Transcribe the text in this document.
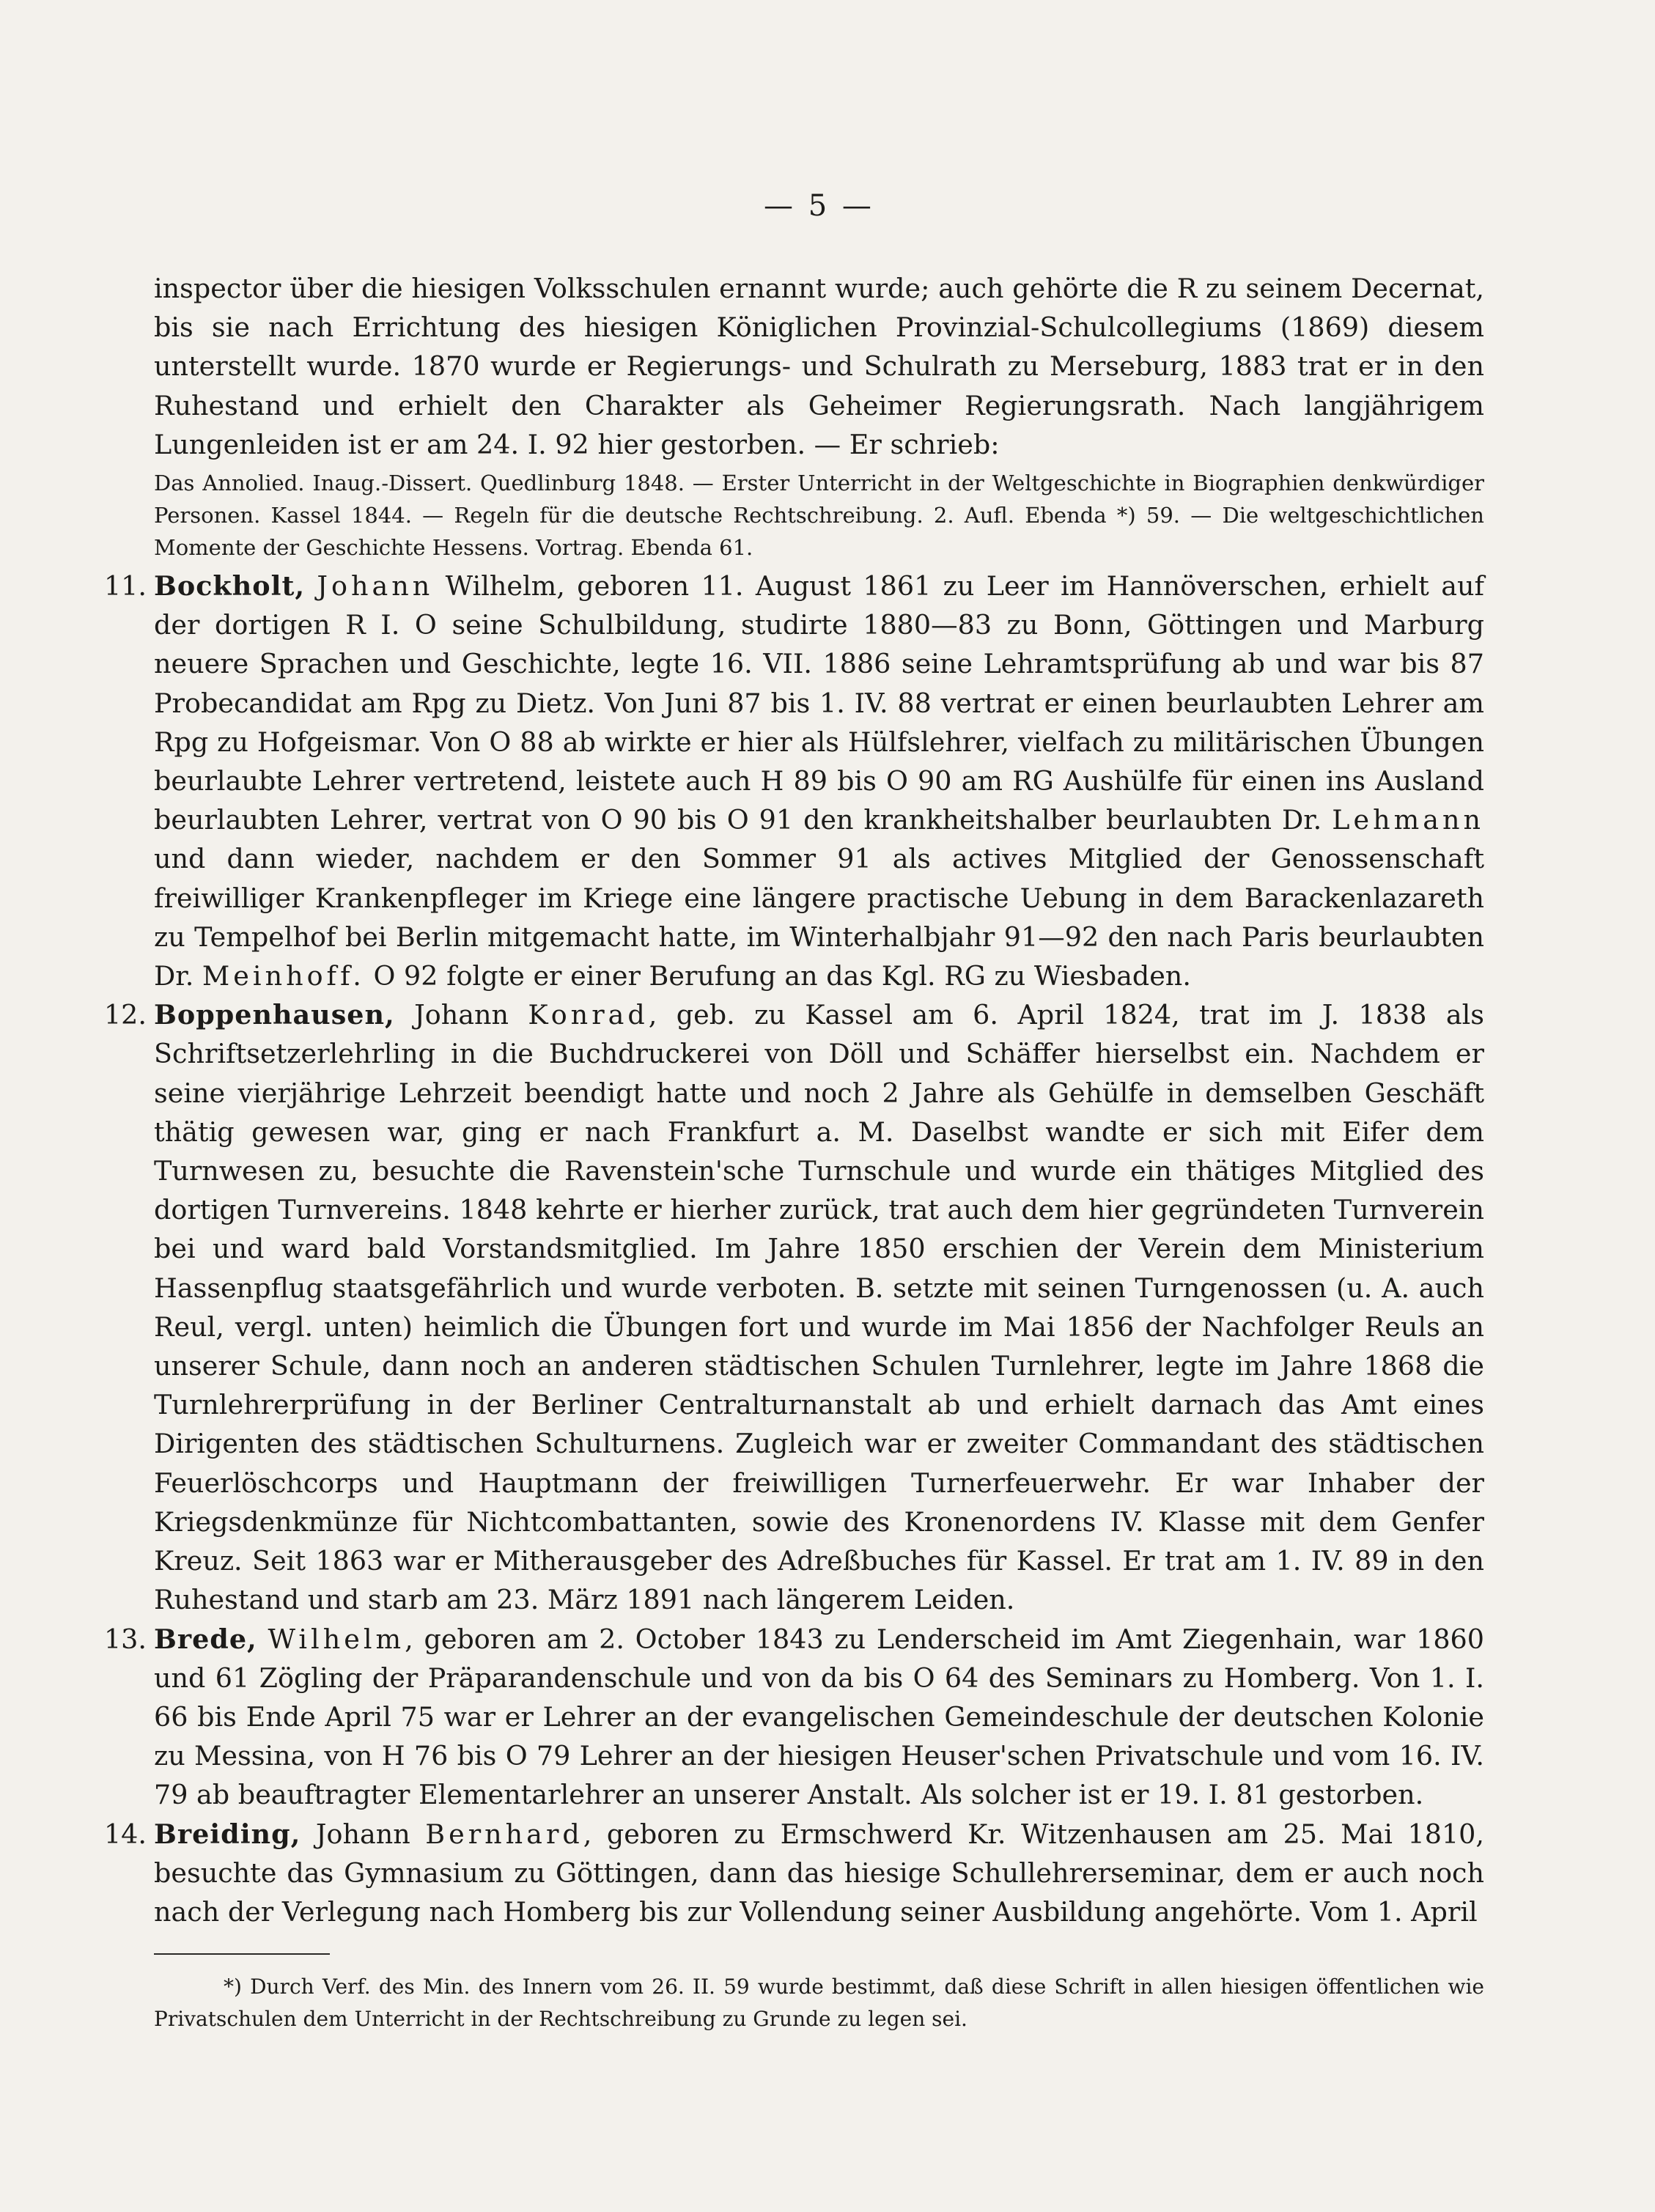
— 5 —

inspector über die hiesigen Volksschulen ernannt wurde; auch gehörte die R zu seinem Decernat, bis sie nach Errichtung des hiesigen Königlichen Provinzial-Schulcollegiums (1869) diesem unterstellt wurde. 1870 wurde er Regierungs- und Schulrath zu Merseburg, 1883 trat er in den Ruhestand und erhielt den Charakter als Geheimer Regierungsrath. Nach langjährigem Lungenleiden ist er am 24. I. 92 hier gestorben. — Er schrieb:

Das Annolied. Inaug.-Dissert. Quedlinburg 1848. — Erster Unterricht in der Weltgeschichte in Biographien denkwürdiger Personen. Kassel 1844. — Regeln für die deutsche Rechtschreibung. 2. Aufl. Ebenda *) 59. — Die weltgeschichtlichen Momente der Geschichte Hessens. Vortrag. Ebenda 61.

11. Bockholt, Johann Wilhelm, geboren 11. August 1861 zu Leer im Hannöverschen, erhielt auf der dortigen R I. O seine Schulbildung, studirte 1880—83 zu Bonn, Göttingen und Marburg neuere Sprachen und Geschichte, legte 16. VII. 1886 seine Lehramtsprüfung ab und war bis 87 Probecandidat am Rpg zu Dietz. Von Juni 87 bis 1. IV. 88 vertrat er einen beurlaubten Lehrer am Rpg zu Hofgeismar. Von O 88 ab wirkte er hier als Hülfslehrer, vielfach zu militärischen Übungen beurlaubte Lehrer vertretend, leistete auch H 89 bis O 90 am RG Aushülfe für einen ins Ausland beurlaubten Lehrer, vertrat von O 90 bis O 91 den krankheitshalber beurlaubten Dr. Lehmann und dann wieder, nachdem er den Sommer 91 als actives Mitglied der Genossenschaft freiwilliger Krankenpfleger im Kriege eine längere practische Uebung in dem Barackenlazareth zu Tempelhof bei Berlin mitgemacht hatte, im Winterhalbjahr 91—92 den nach Paris beurlaubten Dr. Meinhoff. O 92 folgte er einer Berufung an das Kgl. RG zu Wiesbaden.

12. Boppenhausen, Johann Konrad, geb. zu Kassel am 6. April 1824, trat im J. 1838 als Schriftsetzerlehrling in die Buchdruckerei von Döll und Schäffer hierselbst ein. Nachdem er seine vierjährige Lehrzeit beendigt hatte und noch 2 Jahre als Gehülfe in demselben Geschäft thätig gewesen war, ging er nach Frankfurt a. M. Daselbst wandte er sich mit Eifer dem Turnwesen zu, besuchte die Ravenstein'sche Turnschule und wurde ein thätiges Mitglied des dortigen Turnvereins. 1848 kehrte er hierher zurück, trat auch dem hier gegründeten Turnverein bei und ward bald Vorstandsmitglied. Im Jahre 1850 erschien der Verein dem Ministerium Hassenpflug staatsgefährlich und wurde verboten. B. setzte mit seinen Turngenossen (u. A. auch Reul, vergl. unten) heimlich die Übungen fort und wurde im Mai 1856 der Nachfolger Reuls an unserer Schule, dann noch an anderen städtischen Schulen Turnlehrer, legte im Jahre 1868 die Turnlehrerprüfung in der Berliner Centralturnanstalt ab und erhielt darnach das Amt eines Dirigenten des städtischen Schulturnens. Zugleich war er zweiter Commandant des städtischen Feuerlöschcorps und Hauptmann der freiwilligen Turnerfeuerwehr. Er war Inhaber der Kriegsdenkmünze für Nichtcombattanten, sowie des Kronenordens IV. Klasse mit dem Genfer Kreuz. Seit 1863 war er Mitherausgeber des Adreßbuches für Kassel. Er trat am 1. IV. 89 in den Ruhestand und starb am 23. März 1891 nach längerem Leiden.

13. Brede, Wilhelm, geboren am 2. October 1843 zu Lenderscheid im Amt Ziegenhain, war 1860 und 61 Zögling der Präparandenschule und von da bis O 64 des Seminars zu Homberg. Von 1. I. 66 bis Ende April 75 war er Lehrer an der evangelischen Gemeindeschule der deutschen Kolonie zu Messina, von H 76 bis O 79 Lehrer an der hiesigen Heuser'schen Privatschule und vom 16. IV. 79 ab beauftragter Elementarlehrer an unserer Anstalt. Als solcher ist er 19. I. 81 gestorben.

14. Breiding, Johann Bernhard, geboren zu Ermschwerd Kr. Witzenhausen am 25. Mai 1810, besuchte das Gymnasium zu Göttingen, dann das hiesige Schullehrerseminar, dem er auch noch nach der Verlegung nach Homberg bis zur Vollendung seiner Ausbildung angehörte. Vom 1. April

*) Durch Verf. des Min. des Innern vom 26. II. 59 wurde bestimmt, daß diese Schrift in allen hiesigen öffentlichen wie Privatschulen dem Unterricht in der Rechtschreibung zu Grunde zu legen sei.
